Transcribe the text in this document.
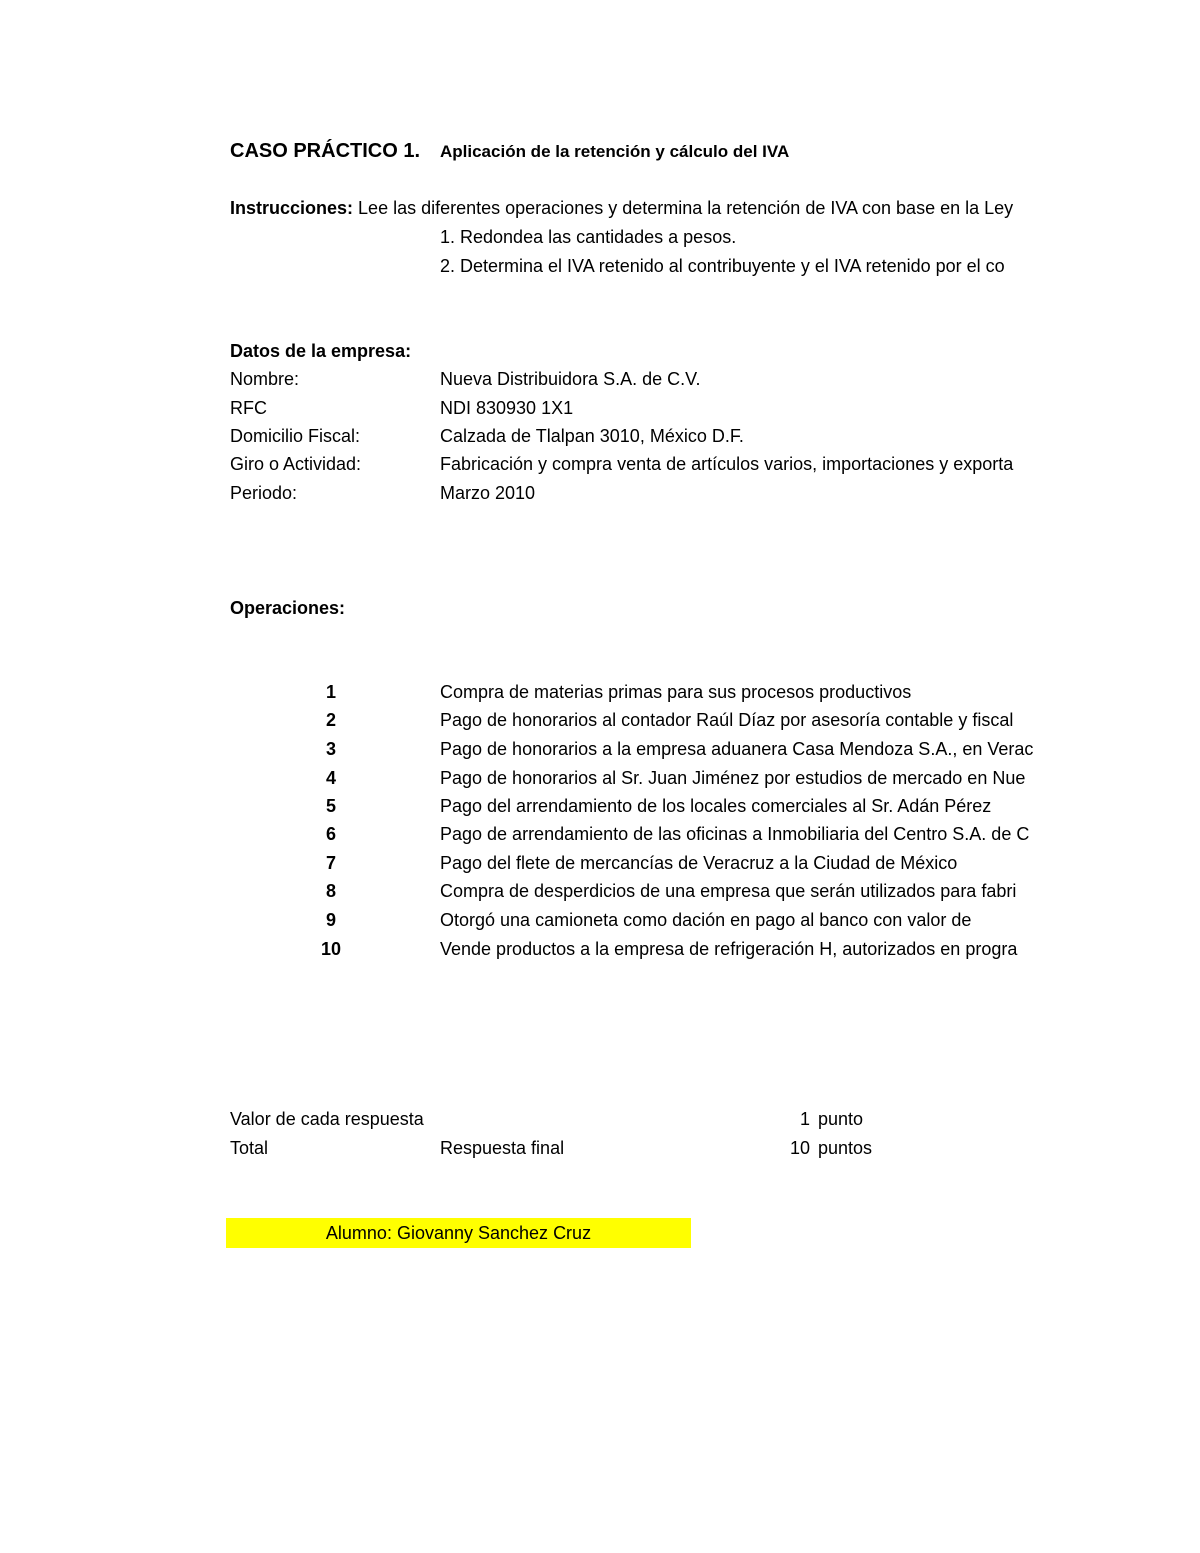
CASO PRÁCTICO 1. Aplicación de la retención y cálculo del IVA
Instrucciones: Lee las diferentes operaciones y determina la retención de IVA con base en la Ley
1. Redondea las cantidades a pesos.
2. Determina el IVA retenido al contribuyente y el IVA retenido por el co
Datos de la empresa:
Nombre:	Nueva Distribuidora S.A. de C.V.
RFC	NDI 830930 1X1
Domicilio Fiscal:	Calzada de Tlalpan 3010, México D.F.
Giro o Actividad:	Fabricación y compra venta de artículos varios, importaciones y exporta
Periodo:	Marzo 2010
Operaciones:
1	Compra de materias primas para sus procesos productivos
2	Pago de honorarios al contador Raúl Díaz por asesoría contable y fiscal
3	Pago de honorarios a la empresa aduanera Casa Mendoza S.A., en Verac
4	Pago de honorarios al Sr. Juan Jiménez por estudios de mercado en Nue
5	Pago del arrendamiento de los locales comerciales al Sr. Adán Pérez
6	Pago de arrendamiento de las oficinas a Inmobiliaria del Centro S.A. de C
7	Pago del flete de mercancías de Veracruz a la Ciudad de México
8	Compra de desperdicios de una empresa que serán utilizados para fabri
9	Otorgó una camioneta como dación en pago al banco con valor de
10	Vende productos a la empresa de refrigeración H, autorizados en progra
Valor de cada respuesta	1 punto
Total	Respuesta final	10 puntos
Alumno: Giovanny Sanchez Cruz
